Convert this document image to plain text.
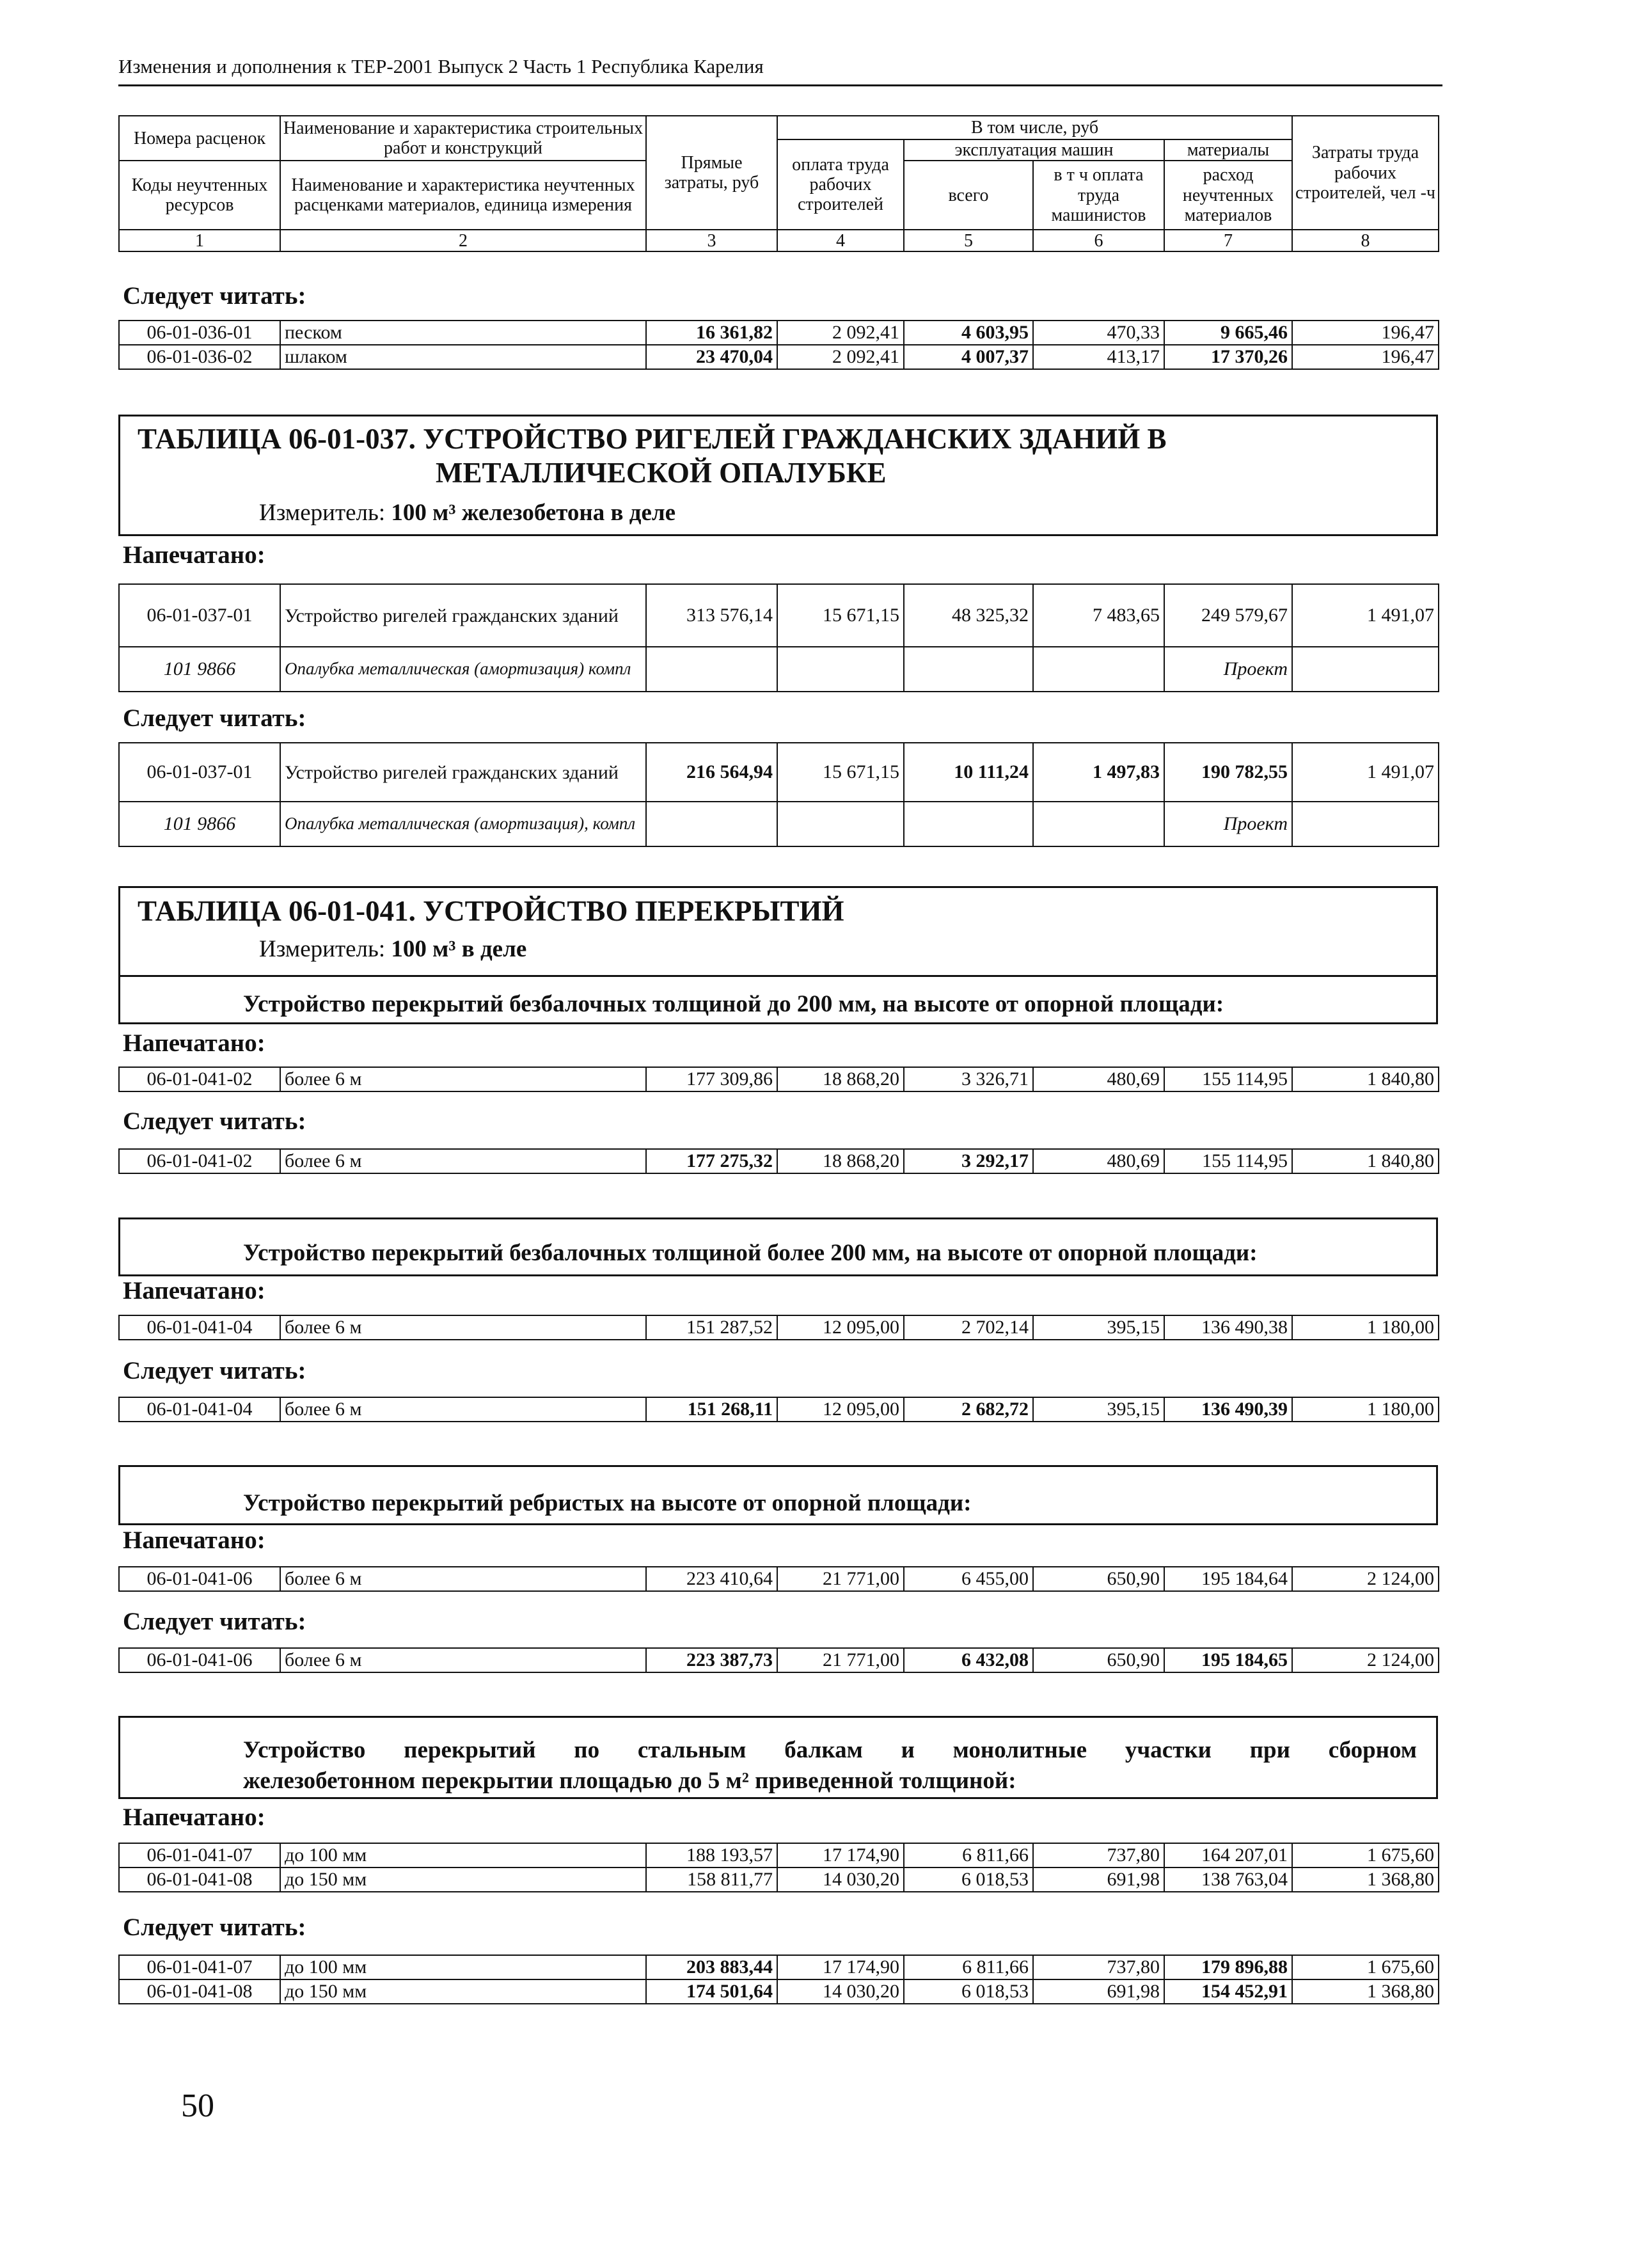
Изменения и дополнения к ТЕР-2001 Выпуск 2 Часть 1 Республика Карелия
Номера расценок	Наименование и характеристика строительных работ и конструкций	Прямые затраты, руб	В том числе, руб				Затраты труда рабочих строителей, чел -ч
			оплата труда рабочих строителей	эксплуатация машин		материалы	
Коды неучтенных ресурсов	Наименование и характеристика неучтенных расценками материалов, единица измерения			всего	в т ч оплата труда машинистов	расход неучтенных материалов	

1	2	3	4	5	6	7	8
Следует читать:
06-01-036-01	песком	16 361,82	2 092,41	4 603,95	470,33	9 665,46	196,47
06-01-036-02	шлаком	23 470,04	2 092,41	4 007,37	413,17	17 370,26	196,47
ТАБЛИЦА 06-01-037. УСТРОЙСТВО РИГЕЛЕЙ ГРАЖДАНСКИХ ЗДАНИЙ В
МЕТАЛЛИЧЕСКОЙ ОПАЛУБКЕ
Измеритель: 100 м³ железобетона в деле
Напечатано:
06-01-037-01	Устройство ригелей гражданских зданий	313 576,14	15 671,15	48 325,32	7 483,65	249 579,67	1 491,07
101 9866	Опалубка металлическая (амортизация) компл					Проект	
Следует читать:
06-01-037-01	Устройство ригелей гражданских зданий	216 564,94	15 671,15	10 111,24	1 497,83	190 782,55	1 491,07
101 9866	Опалубка металлическая (амортизация), компл					Проект	
ТАБЛИЦА 06-01-041. УСТРОЙСТВО ПЕРЕКРЫТИЙ
Измеритель: 100 м³ в деле
Устройство перекрытий безбалочных толщиной до 200 мм, на высоте от опорной площади:
Напечатано:
06-01-041-02	более 6 м	177 309,86	18 868,20	3 326,71	480,69	155 114,95	1 840,80
Следует читать:
06-01-041-02	более 6 м	177 275,32	18 868,20	3 292,17	480,69	155 114,95	1 840,80
Устройство перекрытий безбалочных толщиной более 200 мм, на высоте от опорной площади:
Напечатано:
06-01-041-04	более 6 м	151 287,52	12 095,00	2 702,14	395,15	136 490,38	1 180,00
Следует читать:
06-01-041-04	более 6 м	151 268,11	12 095,00	2 682,72	395,15	136 490,39	1 180,00
Устройство перекрытий ребристых на высоте от опорной площади:
Напечатано:
06-01-041-06	более 6 м	223 410,64	21 771,00	6 455,00	650,90	195 184,64	2 124,00
Следует читать:
06-01-041-06	более 6 м	223 387,73	21 771,00	6 432,08	650,90	195 184,65	2 124,00
Устройство перекрытий по стальным балкам и монолитные участки при сборном
железобетонном перекрытии площадью до 5 м² приведенной толщиной:
Напечатано:
06-01-041-07	до 100 мм	188 193,57	17 174,90	6 811,66	737,80	164 207,01	1 675,60
06-01-041-08	до 150 мм	158 811,77	14 030,20	6 018,53	691,98	138 763,04	1 368,80
Следует читать:
06-01-041-07	до 100 мм	203 883,44	17 174,90	6 811,66	737,80	179 896,88	1 675,60
06-01-041-08	до 150 мм	174 501,64	14 030,20	6 018,53	691,98	154 452,91	1 368,80
50
